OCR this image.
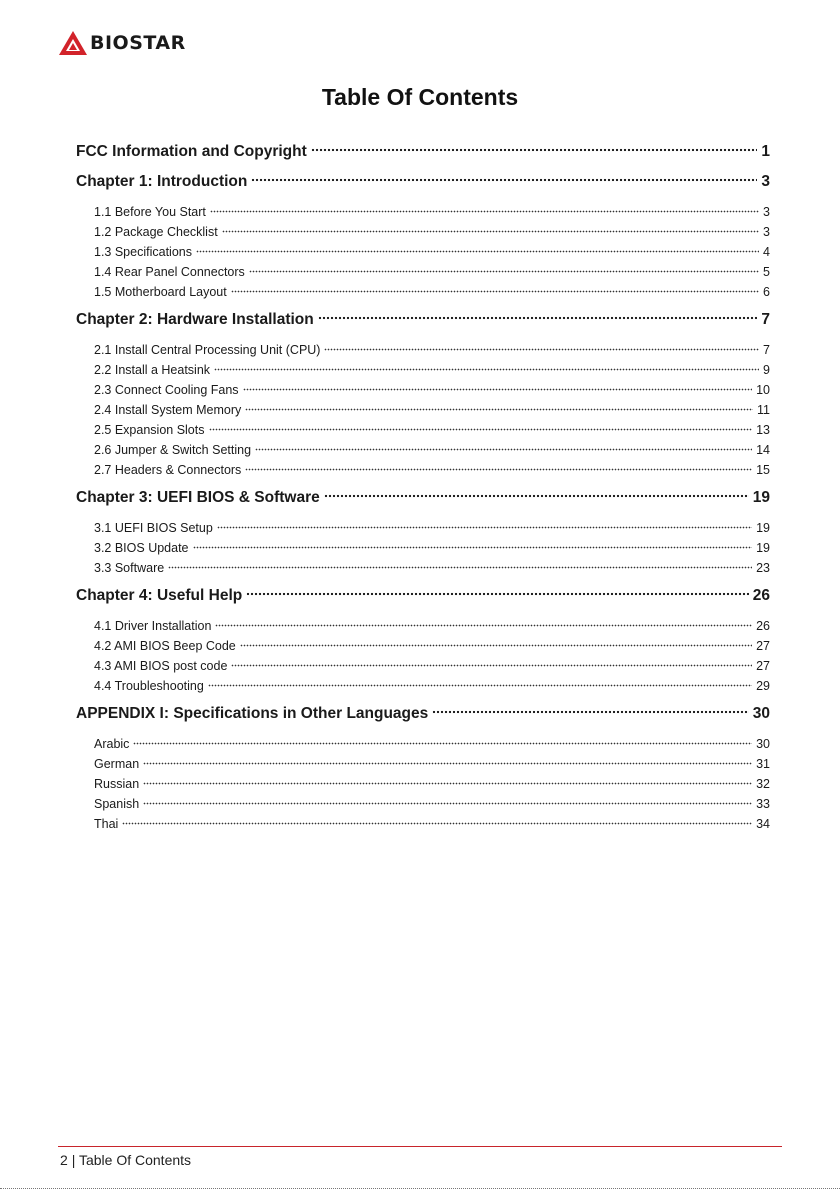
BIOSTAR
Table Of Contents
FCC Information and Copyright	1
Chapter 1: Introduction	3
1.1 Before You Start	3
1.2 Package Checklist	3
1.3 Specifications	4
1.4 Rear Panel Connectors	5
1.5 Motherboard Layout	6
Chapter 2: Hardware Installation	7
2.1 Install Central Processing Unit (CPU)	7
2.2 Install a Heatsink	9
2.3 Connect Cooling Fans	10
2.4 Install System Memory	11
2.5 Expansion Slots	13
2.6 Jumper & Switch Setting	14
2.7 Headers & Connectors	15
Chapter 3: UEFI BIOS & Software	19
3.1 UEFI BIOS Setup	19
3.2 BIOS Update	19
3.3 Software	23
Chapter 4: Useful Help	26
4.1 Driver Installation	26
4.2 AMI BIOS Beep Code	27
4.3 AMI BIOS post code	27
4.4 Troubleshooting	29
APPENDIX I: Specifications in Other Languages	30
Arabic	30
German	31
Russian	32
Spanish	33
Thai	34
2 | Table Of Contents
